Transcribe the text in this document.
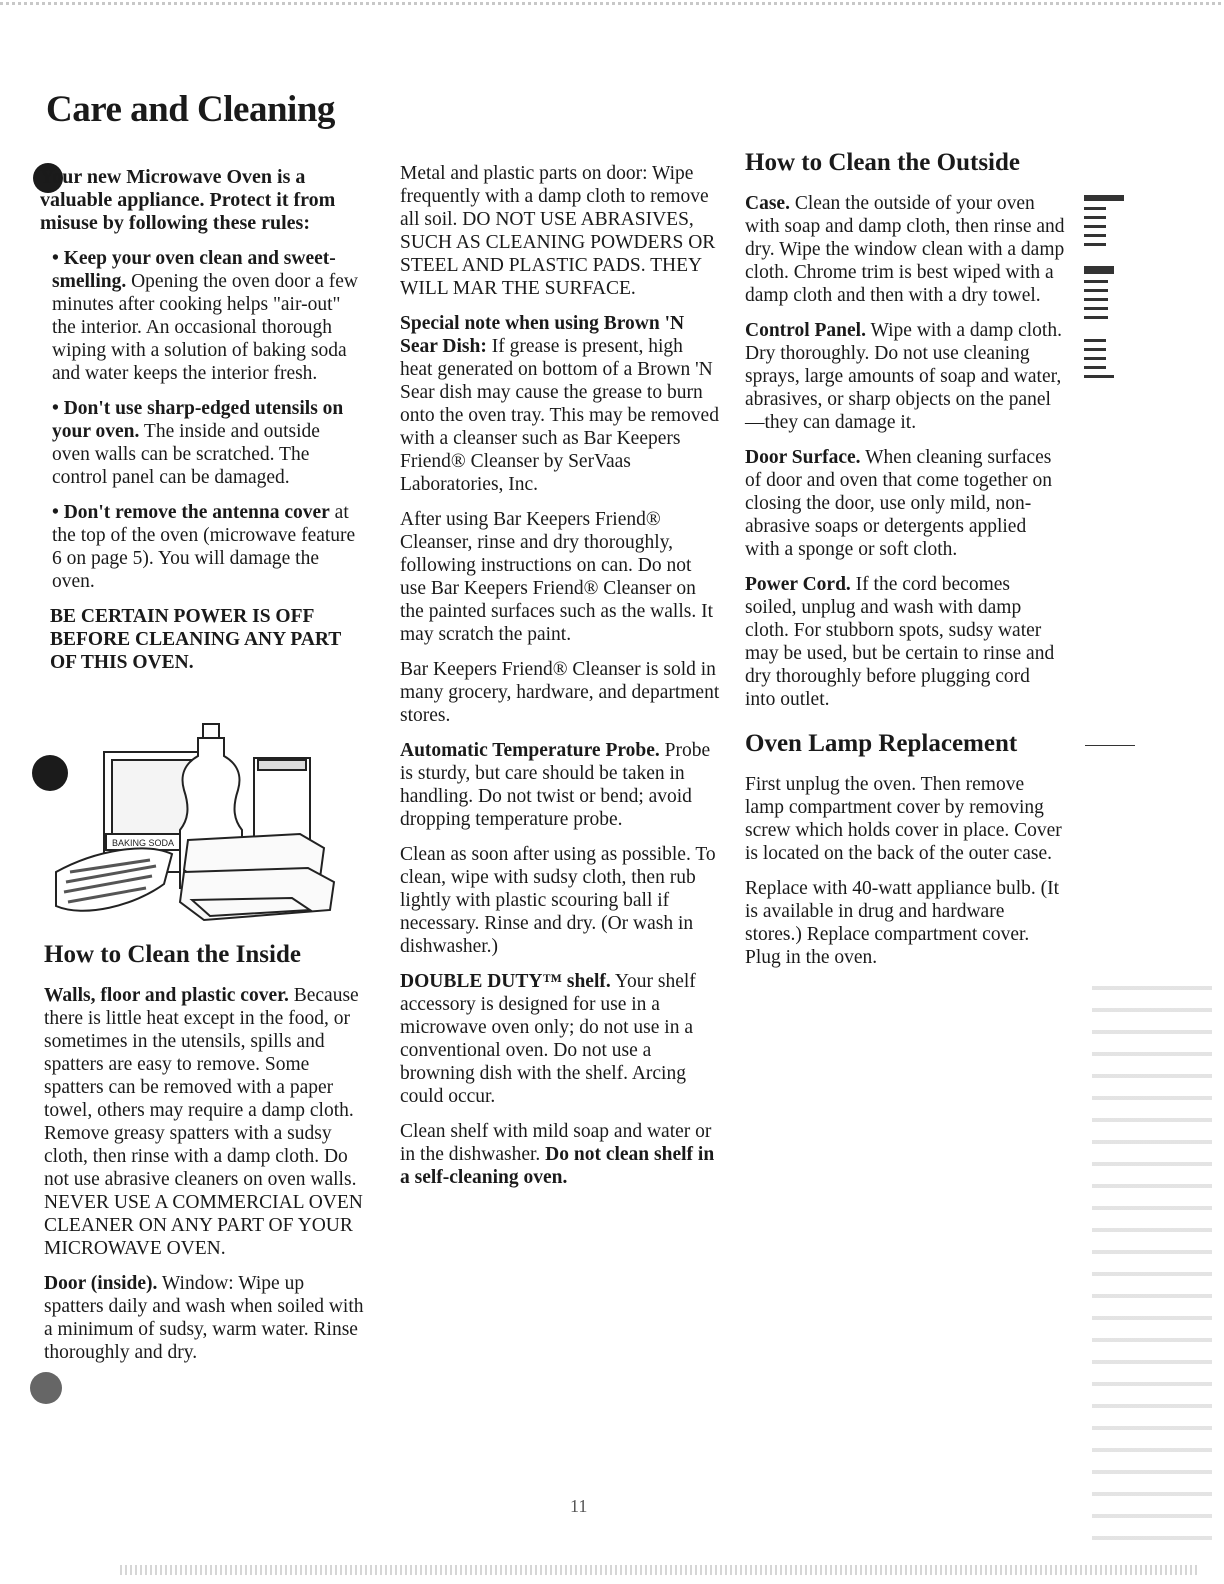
Care and Cleaning

Your new Microwave Oven is a valuable appliance. Protect it from misuse by following these rules:

• Keep your oven clean and sweet-smelling. Opening the oven door a few minutes after cooking helps "air-out" the interior. An occasional thorough wiping with a solution of baking soda and water keeps the interior fresh.

• Don't use sharp-edged utensils on your oven. The inside and outside oven walls can be scratched. The control panel can be damaged.

• Don't remove the antenna cover at the top of the oven (microwave feature 6 on page 5). You will damage the oven.

BE CERTAIN POWER IS OFF BEFORE CLEANING ANY PART OF THIS OVEN.

BAKING SODA
How to Clean the Inside

Walls, floor and plastic cover. Because there is little heat except in the food, or sometimes in the utensils, spills and spatters are easy to remove. Some spatters can be removed with a paper towel, others may require a damp cloth. Remove greasy spatters with a sudsy cloth, then rinse with a damp cloth. Do not use abrasive cleaners on oven walls. NEVER USE A COMMERCIAL OVEN CLEANER ON ANY PART OF YOUR MICROWAVE OVEN.

Door (inside). Window: Wipe up spatters daily and wash when soiled with a minimum of sudsy, warm water. Rinse thoroughly and dry.

Metal and plastic parts on door: Wipe frequently with a damp cloth to remove all soil. DO NOT USE ABRASIVES, SUCH AS CLEANING POWDERS OR STEEL AND PLASTIC PADS. THEY WILL MAR THE SURFACE.

Special note when using Brown 'N Sear Dish: If grease is present, high heat generated on bottom of a Brown 'N Sear dish may cause the grease to burn onto the oven tray. This may be removed with a cleanser such as Bar Keepers Friend® Cleanser by SerVaas Laboratories, Inc.

After using Bar Keepers Friend® Cleanser, rinse and dry thoroughly, following instructions on can. Do not use Bar Keepers Friend® Cleanser on the painted surfaces such as the walls. It may scratch the paint.

Bar Keepers Friend® Cleanser is sold in many grocery, hardware, and department stores.

Automatic Temperature Probe. Probe is sturdy, but care should be taken in handling. Do not twist or bend; avoid dropping temperature probe.

Clean as soon after using as possible. To clean, wipe with sudsy cloth, then rub lightly with plastic scouring ball if necessary. Rinse and dry. (Or wash in dishwasher.)

DOUBLE DUTY™ shelf. Your shelf accessory is designed for use in a microwave oven only; do not use in a conventional oven. Do not use a browning dish with the shelf. Arcing could occur.

Clean shelf with mild soap and water or in the dishwasher. Do not clean shelf in a self-cleaning oven.

How to Clean the Outside

Case. Clean the outside of your oven with soap and damp cloth, then rinse and dry. Wipe the window clean with a damp cloth. Chrome trim is best wiped with a damp cloth and then with a dry towel.

Control Panel. Wipe with a damp cloth. Dry thoroughly. Do not use cleaning sprays, large amounts of soap and water, abrasives, or sharp objects on the panel—they can damage it.

Door Surface. When cleaning surfaces of door and oven that come together on closing the door, use only mild, non-abrasive soaps or detergents applied with a sponge or soft cloth.

Power Cord. If the cord becomes soiled, unplug and wash with damp cloth. For stubborn spots, sudsy water may be used, but be certain to rinse and dry thoroughly before plugging cord into outlet.

Oven Lamp Replacement

First unplug the oven. Then remove lamp compartment cover by removing screw which holds cover in place. Cover is located on the back of the outer case.

Replace with 40-watt appliance bulb. (It is available in drug and hardware stores.) Replace compartment cover. Plug in the oven.

11
